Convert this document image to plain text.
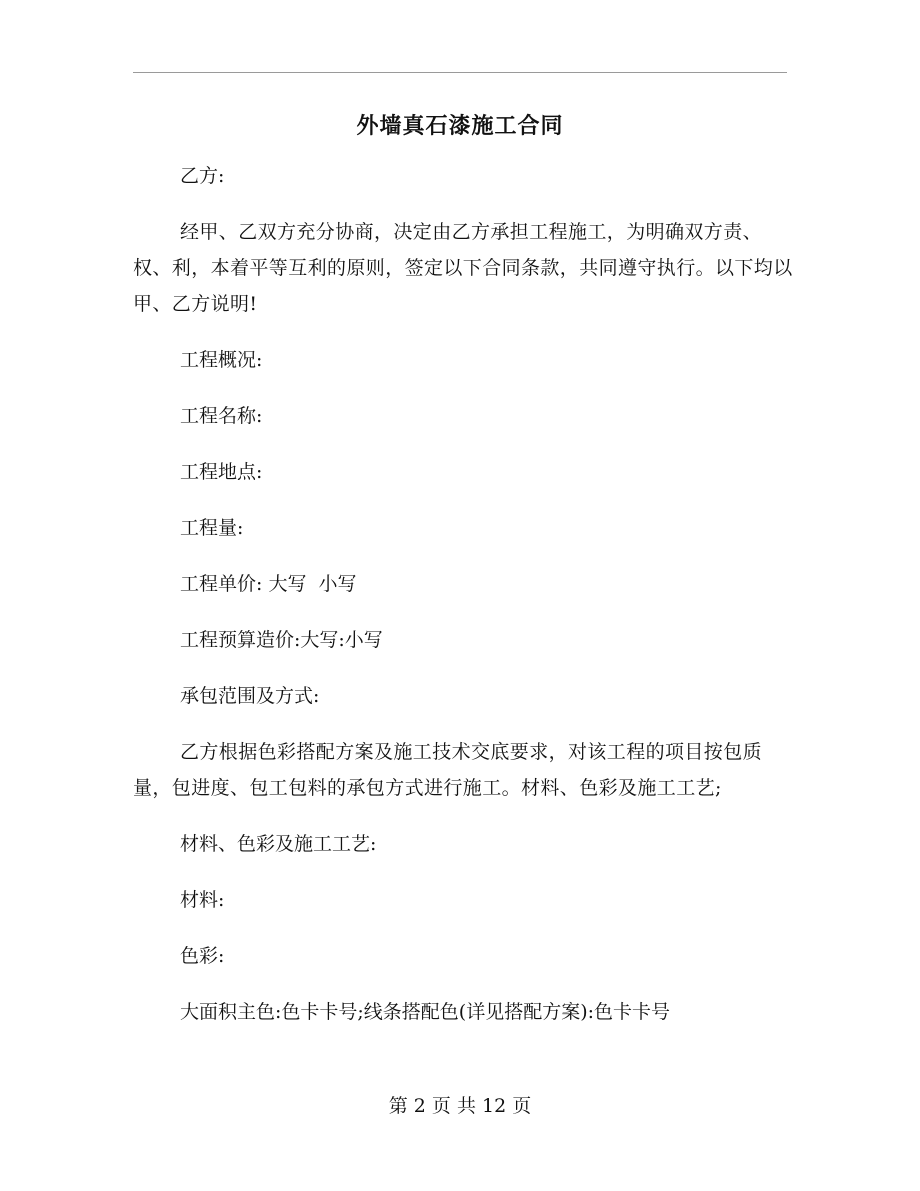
外墙真石漆施工合同

乙方:

经甲、乙双方充分协商，决定由乙方承担工程施工，为明确双方责、权、利，本着平等互利的原则，签定以下合同条款，共同遵守执行。以下均以甲、乙方说明!

工程概况:

工程名称:

工程地点:

工程量:

工程单价: 大写  小写

工程预算造价:大写:小写

承包范围及方式:

乙方根据色彩搭配方案及施工技术交底要求，对该工程的项目按包质量，包进度、包工包料的承包方式进行施工。材料、色彩及施工工艺;

材料、色彩及施工工艺:

材料:

色彩:

大面积主色:色卡卡号;线条搭配色(详见搭配方案):色卡卡号

第 2 页 共 12 页
